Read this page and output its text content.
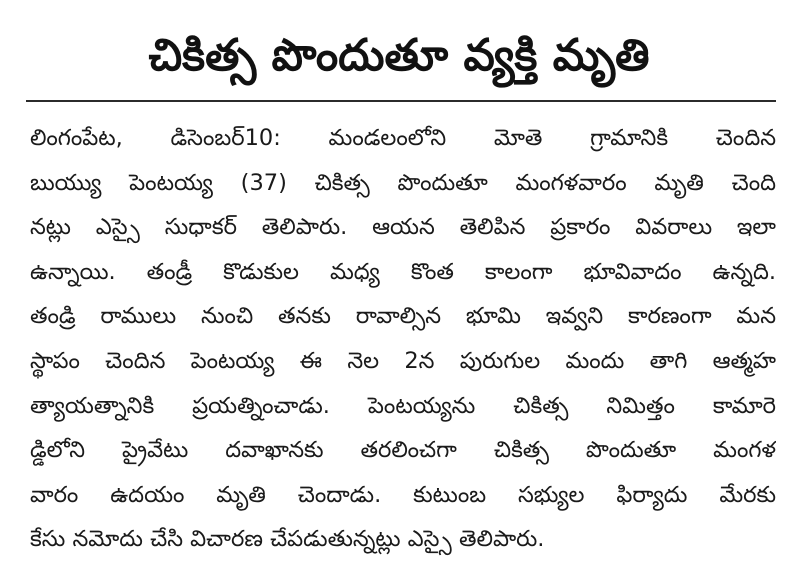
చికిత్స పొందుతూ వ్యక్తి మృతి
లింగంపేట, డిసెంబర్10: మండలంలోని మోతె గ్రామానికి చెందిన
బుయ్యు పెంటయ్య (37) చికిత్స పొందుతూ మంగళవారం మృతి చెంది
నట్లు ఎస్సై సుధాకర్ తెలిపారు. ఆయన తెలిపిన ప్రకారం వివరాలు ఇలా
ఉన్నాయి. తండ్రీ కొడుకుల మధ్య కొంత కాలంగా భూవివాదం ఉన్నది.
తండ్రి రాములు నుంచి తనకు రావాల్సిన భూమి ఇవ్వని కారణంగా మన
స్థాపం చెందిన పెంటయ్య ఈ నెల 2న పురుగుల మందు తాగి ఆత్మహ
త్యాయత్నానికి ప్రయత్నించాడు. పెంటయ్యను చికిత్స నిమిత్తం కామారె
డ్డిలోని ప్రైవేటు దవాఖానకు తరలించగా చికిత్స పొందుతూ మంగళ
వారం ఉదయం మృతి చెందాడు. కుటుంబ సభ్యుల ఫిర్యాదు మేరకు
కేసు నమోదు చేసి విచారణ చేపడుతున్నట్లు ఎస్సై తెలిపారు.
